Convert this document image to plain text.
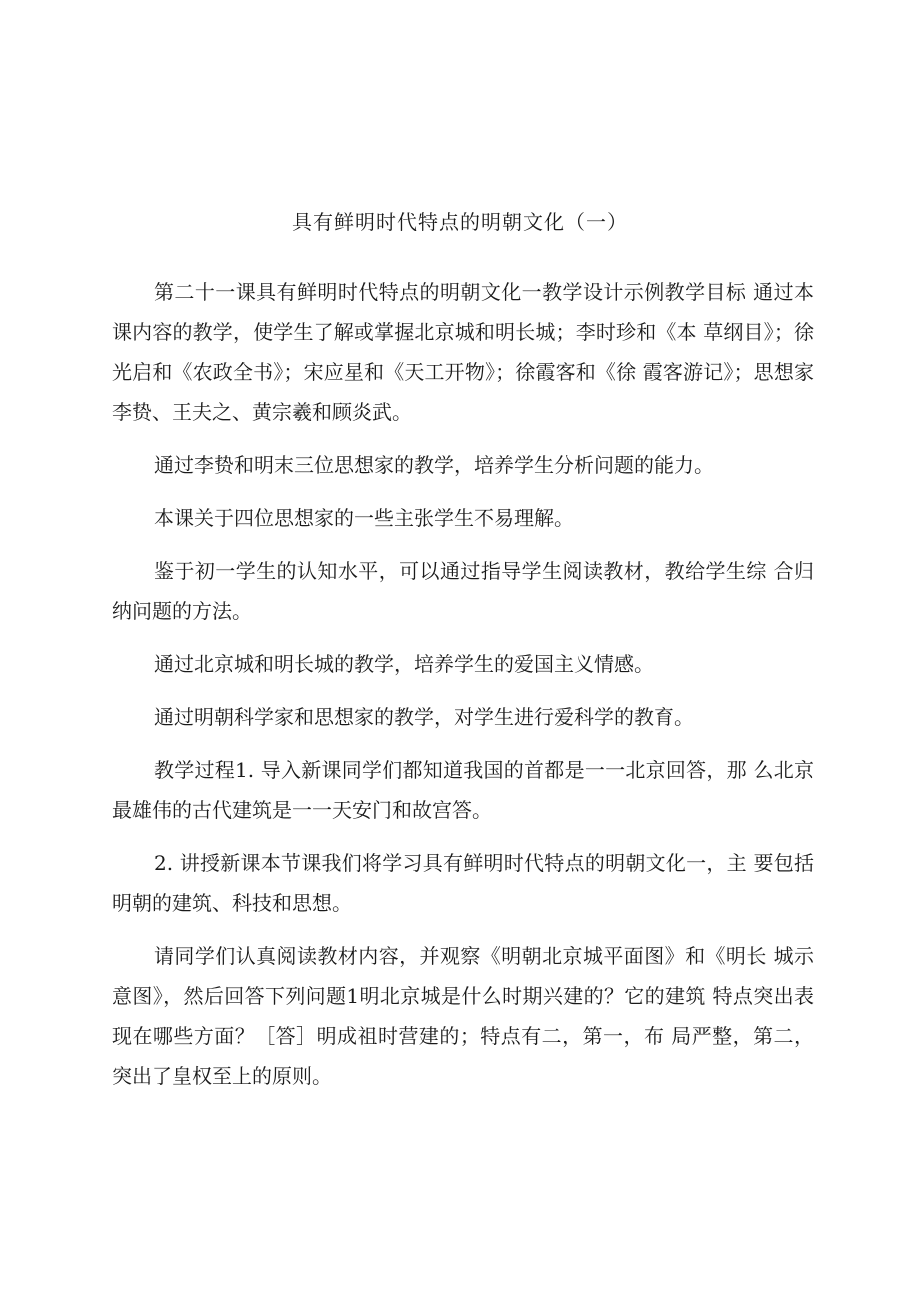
具有鲜明时代特点的明朝文化（一）

第二十一课具有鲜明时代特点的明朝文化一教学设计示例教学目标 通过本课内容的教学，使学生了解或掌握北京城和明长城；李时珍和《本 草纲目》；徐光启和《农政全书》；宋应星和《天工开物》；徐霞客和《徐 霞客游记》；思想家李贽、王夫之、黄宗羲和顾炎武。

通过李贽和明末三位思想家的教学，培养学生分析问题的能力。

本课关于四位思想家的一些主张学生不易理解。

鉴于初一学生的认知水平，可以通过指导学生阅读教材，教给学生综 合归纳问题的方法。

通过北京城和明长城的教学，培养学生的爱国主义情感。

通过明朝科学家和思想家的教学，对学生进行爱科学的教育。

教学过程1. 导入新课同学们都知道我国的首都是一一北京回答，那 么北京最雄伟的古代建筑是一一天安门和故宫答。

2. 讲授新课本节课我们将学习具有鲜明时代特点的明朝文化一，主 要包括明朝的建筑、科技和思想。

请同学们认真阅读教材内容，并观察《明朝北京城平面图》和《明长 城示意图》，然后回答下列问题1明北京城是什么时期兴建的？它的建筑 特点突出表现在哪些方面？［答］明成祖时营建的；特点有二，第一，布 局严整，第二，突出了皇权至上的原则。
